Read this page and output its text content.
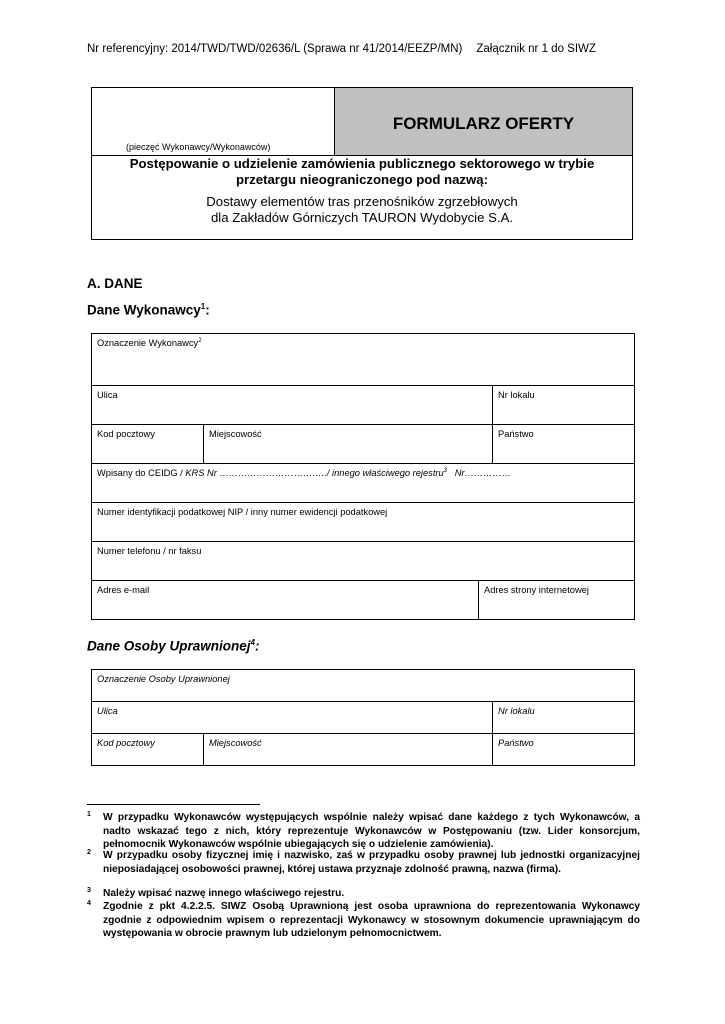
Nr referencyjny: 2014/TWD/TWD/02636/L (Sprawa nr 41/2014/EEZP/MN) Załącznik nr 1 do SIWZ
(pieczęć Wykonawcy/Wykonawców)
FORMULARZ OFERTY
Postępowanie o udzielenie zamówienia publicznego sektorowego w trybie
przetargu nieograniczonego pod nazwą:
Dostawy elementów tras przenośników zgrzebłowych
dla Zakładów Górniczych TAURON Wydobycie S.A.
A. DANE
Dane Wykonawcy$^1$:
Oznaczenie Wykonawcy$^2$
Ulica			Nr lokalu
Kod pocztowy	Miejscowość		Państwo
Wpisany do CEIDG / KRS Nr ……………………………../ innego właściwego rejestru$^3$ Nr……………			
Numer identyfikacji podatkowej NIP / inny numer ewidencji podatkowej			
Numer telefonu / nr faksu			
Adres e-mail		Adres strony internetowej	
Dane Osoby Uprawnionej$^4$:
Oznaczenie Osoby Uprawnionej		
Ulica		Nr lokalu
Kod pocztowy	Miejscowość	Państwo
1 W przypadku Wykonawców występujących wspólnie należy wpisać dane każdego z tych Wykonawców, a nadto wskazać tego z nich, który reprezentuje Wykonawców w Postępowaniu (tzw. Lider konsorcjum, pełnomocnik Wykonawców wspólnie ubiegających się o udzielenie zamówienia).
2 W przypadku osoby fizycznej imię i nazwisko, zaś w przypadku osoby prawnej lub jednostki organizacyjnej nieposiadającej osobowości prawnej, której ustawa przyznaje zdolność prawną, nazwa (firma).
3 Należy wpisać nazwę innego właściwego rejestru.
4 Zgodnie z pkt 4.2.2.5. SIWZ Osobą Uprawnioną jest osoba uprawniona do reprezentowania Wykonawcy zgodnie z odpowiednim wpisem o reprezentacji Wykonawcy w stosownym dokumencie uprawniającym do występowania w obrocie prawnym lub udzielonym pełnomocnictwem.
